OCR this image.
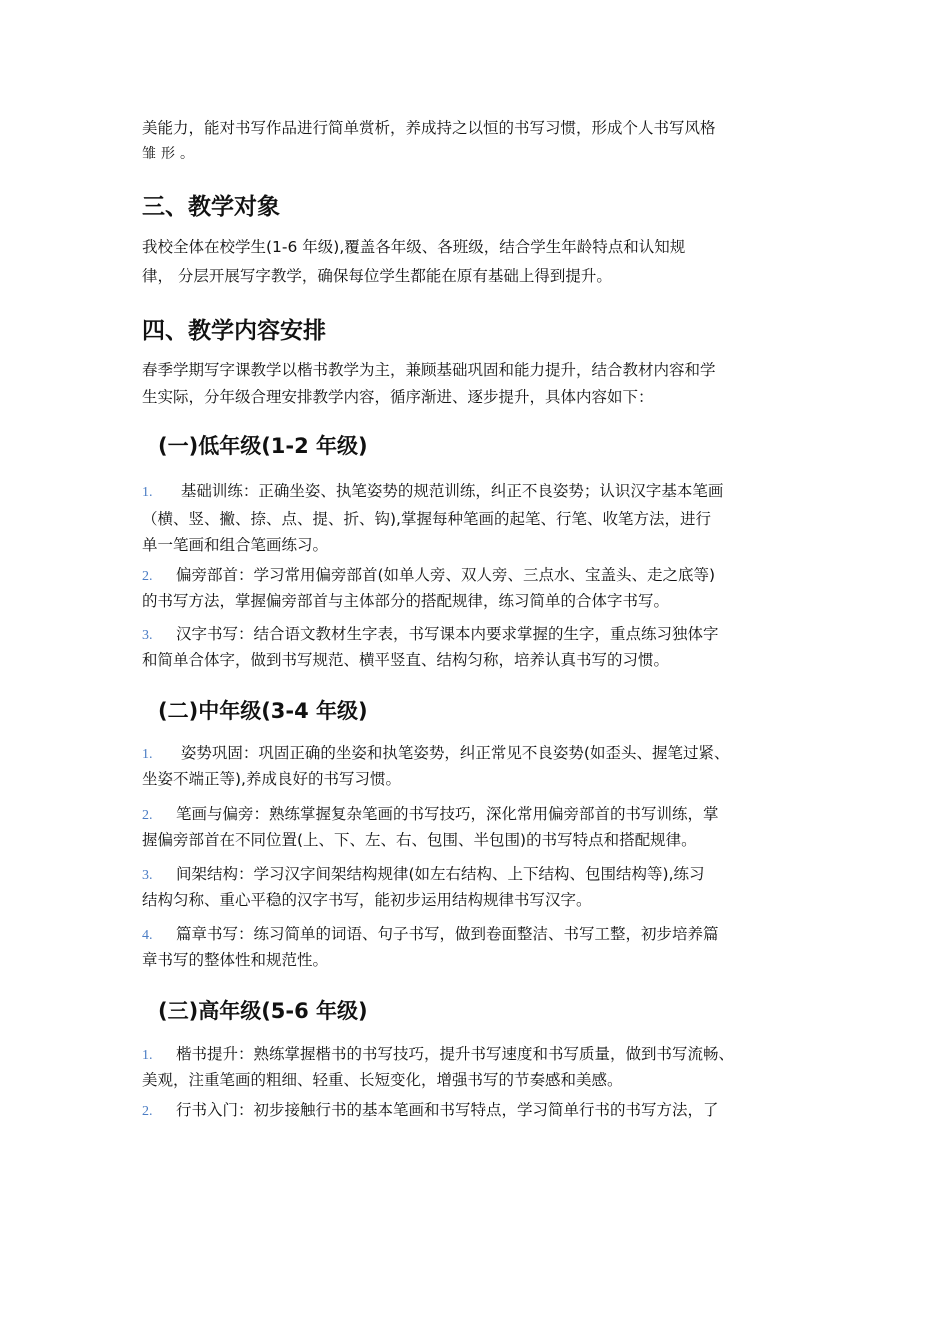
美能力，能对书写作品进行简单赏析，养成持之以恒的书写习惯，形成个人书写风格
雏形。
三、教学对象
我校全体在校学生(1-6 年级),覆盖各年级、各班级，结合学生年龄特点和认知规
律， 分层开展写字教学，确保每位学生都能在原有基础上得到提升。
四、教学内容安排
春季学期写字课教学以楷书教学为主，兼顾基础巩固和能力提升，结合教材内容和学
生实际，分年级合理安排教学内容，循序渐进、逐步提升，具体内容如下：
(一)低年级(1-2 年级)
1. 基础训练：正确坐姿、执笔姿势的规范训练，纠正不良姿势；认识汉字基本笔画
（横、竖、撇、捺、点、提、折、钩),掌握每种笔画的起笔、行笔、收笔方法，进行
单一笔画和组合笔画练习。
2. 偏旁部首：学习常用偏旁部首(如单人旁、双人旁、三点水、宝盖头、走之底等)
的书写方法，掌握偏旁部首与主体部分的搭配规律，练习简单的合体字书写。
3. 汉字书写：结合语文教材生字表，书写课本内要求掌握的生字，重点练习独体字
和简单合体字，做到书写规范、横平竖直、结构匀称，培养认真书写的习惯。
(二)中年级(3-4 年级)
1. 姿势巩固：巩固正确的坐姿和执笔姿势，纠正常见不良姿势(如歪头、握笔过紧、
坐姿不端正等),养成良好的书写习惯。
2. 笔画与偏旁：熟练掌握复杂笔画的书写技巧，深化常用偏旁部首的书写训练，掌
握偏旁部首在不同位置(上、下、左、右、包围、半包围)的书写特点和搭配规律。
3. 间架结构：学习汉字间架结构规律(如左右结构、上下结构、包围结构等),练习
结构匀称、重心平稳的汉字书写，能初步运用结构规律书写汉字。
4. 篇章书写：练习简单的词语、句子书写，做到卷面整洁、书写工整，初步培养篇
章书写的整体性和规范性。
(三)高年级(5-6 年级)
1. 楷书提升：熟练掌握楷书的书写技巧，提升书写速度和书写质量，做到书写流畅、
美观，注重笔画的粗细、轻重、长短变化，增强书写的节奏感和美感。
2. 行书入门：初步接触行书的基本笔画和书写特点，学习简单行书的书写方法，了
